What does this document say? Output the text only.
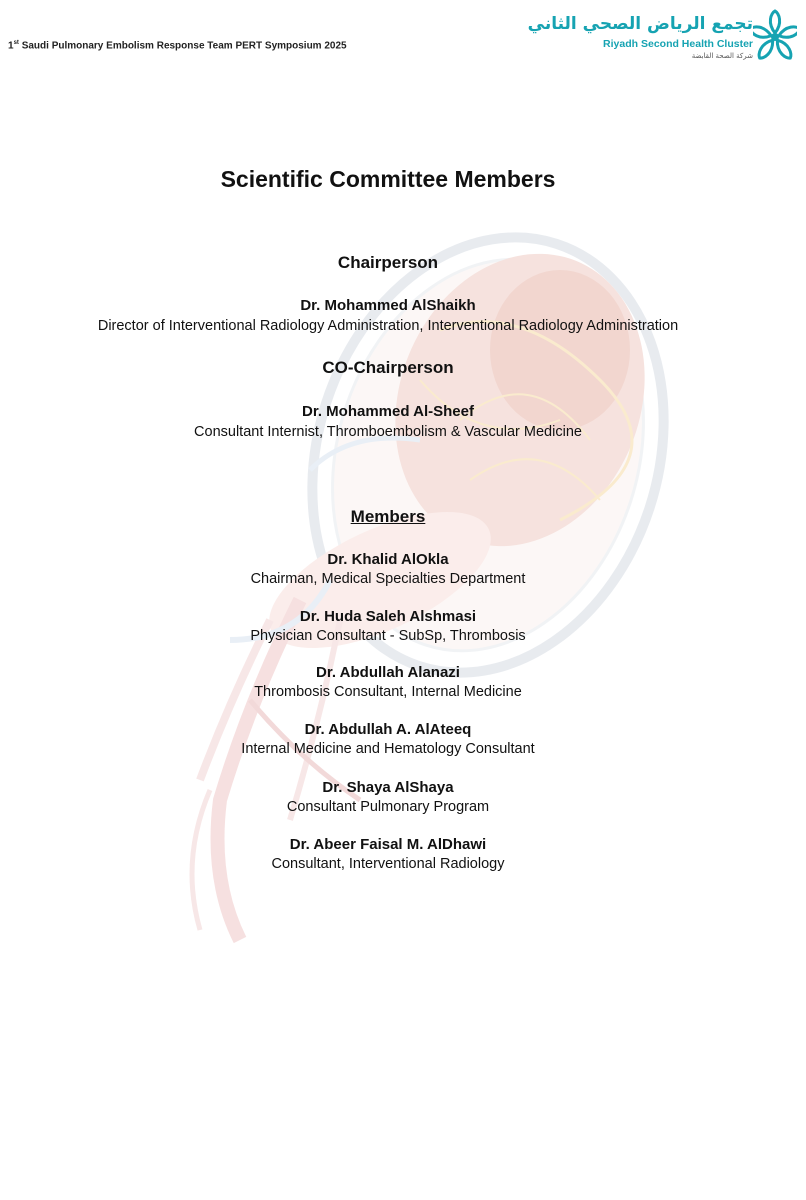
1st Saudi Pulmonary Embolism Response Team PERT Symposium 2025
تجمع الرياض الصحي الثاني
Riyadh Second Health Cluster
شركة الصحة القابضة
Scientific Committee Members
Chairperson
Dr. Mohammed AlShaikh
Director of Interventional Radiology Administration, Interventional Radiology Administration
CO-Chairperson
Dr. Mohammed Al-Sheef
Consultant Internist, Thromboembolism & Vascular Medicine
Members
Dr. Khalid AlOkla
Chairman, Medical Specialties Department
Dr. Huda Saleh Alshmasi
Physician Consultant - SubSp, Thrombosis
Dr. Abdullah Alanazi
Thrombosis Consultant, Internal Medicine
Dr. Abdullah A. AlAteeq
Internal Medicine and Hematology Consultant
Dr. Shaya AlShaya
Consultant Pulmonary Program
Dr. Abeer Faisal M. AlDhawi
Consultant, Interventional Radiology
